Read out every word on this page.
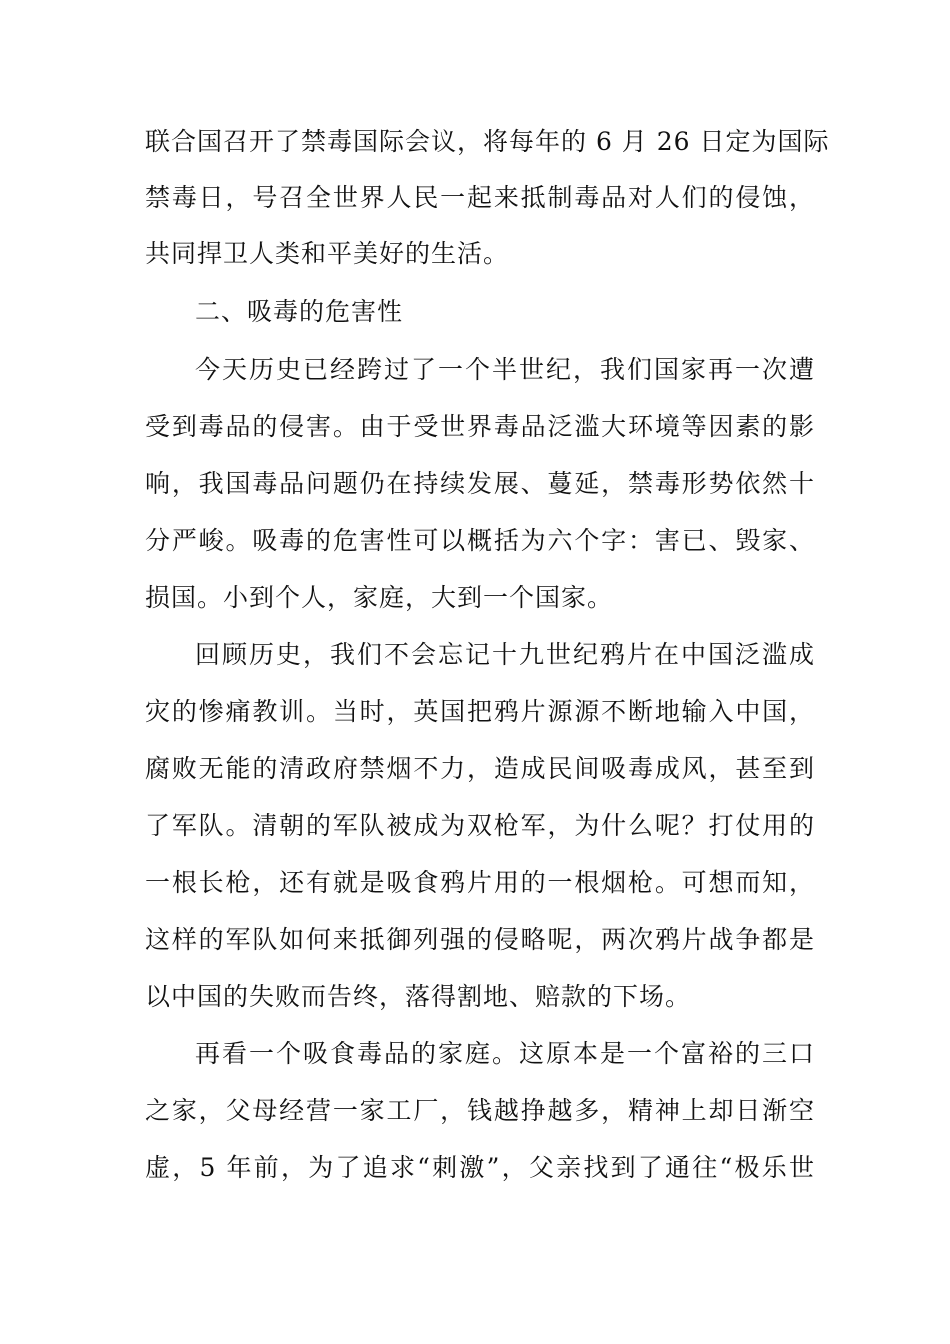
联合国召开了禁毒国际会议，将每年的 6 月 26 日定为国际
禁毒日，号召全世界人民一起来抵制毒品对人们的侵蚀，
共同捍卫人类和平美好的生活。
二、吸毒的危害性
今天历史已经跨过了一个半世纪，我们国家再一次遭
受到毒品的侵害。由于受世界毒品泛滥大环境等因素的影
响，我国毒品问题仍在持续发展、蔓延，禁毒形势依然十
分严峻。吸毒的危害性可以概括为六个字：害已、毁家、
损国。小到个人，家庭，大到一个国家。
回顾历史，我们不会忘记十九世纪鸦片在中国泛滥成
灾的惨痛教训。当时，英国把鸦片源源不断地输入中国，
腐败无能的清政府禁烟不力，造成民间吸毒成风，甚至到
了军队。清朝的军队被成为双枪军，为什么呢？打仗用的
一根长枪，还有就是吸食鸦片用的一根烟枪。可想而知，
这样的军队如何来抵御列强的侵略呢，两次鸦片战争都是
以中国的失败而告终，落得割地、赔款的下场。
再看一个吸食毒品的家庭。这原本是一个富裕的三口
之家，父母经营一家工厂，钱越挣越多，精神上却日渐空
虚，5 年前，为了追求“刺激”，父亲找到了通往“极乐世
